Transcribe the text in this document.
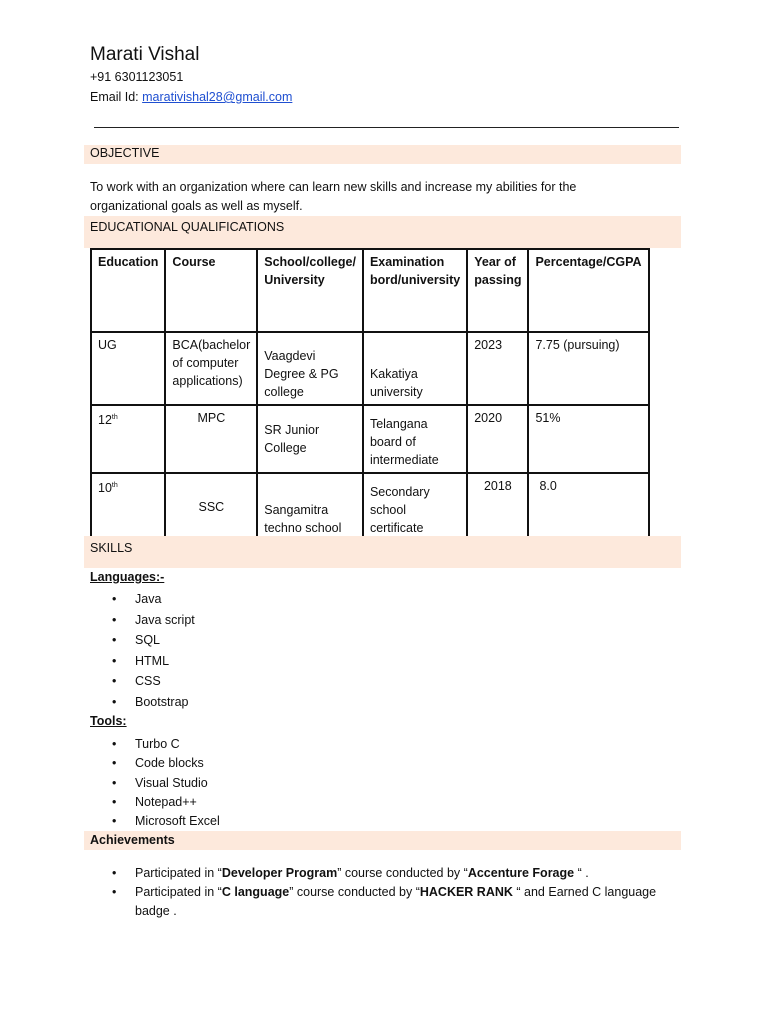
Marati Vishal
+91 6301123051
Email Id: marativishal28@gmail.com
OBJECTIVE
To work with an organization where can learn new skills and increase my abilities for the organizational goals as well as myself.
EDUCATIONAL QUALIFICATIONS
Education	Course	School/college/ University	Examination bord/university	Year of passing	Percentage/CGPA
UG	BCA(bachelor of computer applications)	Vaagdevi Degree & PG college	Kakatiya university	2023	7.75 (pursuing)
12th	MPC	SR Junior College	Telangana board of intermediate	2020	51%
10th	SSC	Sangamitra techno school	Secondary school certificate	2018	8.0
SKILLS
Languages:-
• Java
• Java script
• SQL
• HTML
• CSS
• Bootstrap
Tools:
• Turbo C
• Code blocks
• Visual Studio
• Notepad++
• Microsoft Excel
Achievements
•	Participated in “Developer Program” course conducted by “Accenture Forage “ .
•	Participated in “C language” course conducted by “HACKER RANK “ and Earned C language badge .
